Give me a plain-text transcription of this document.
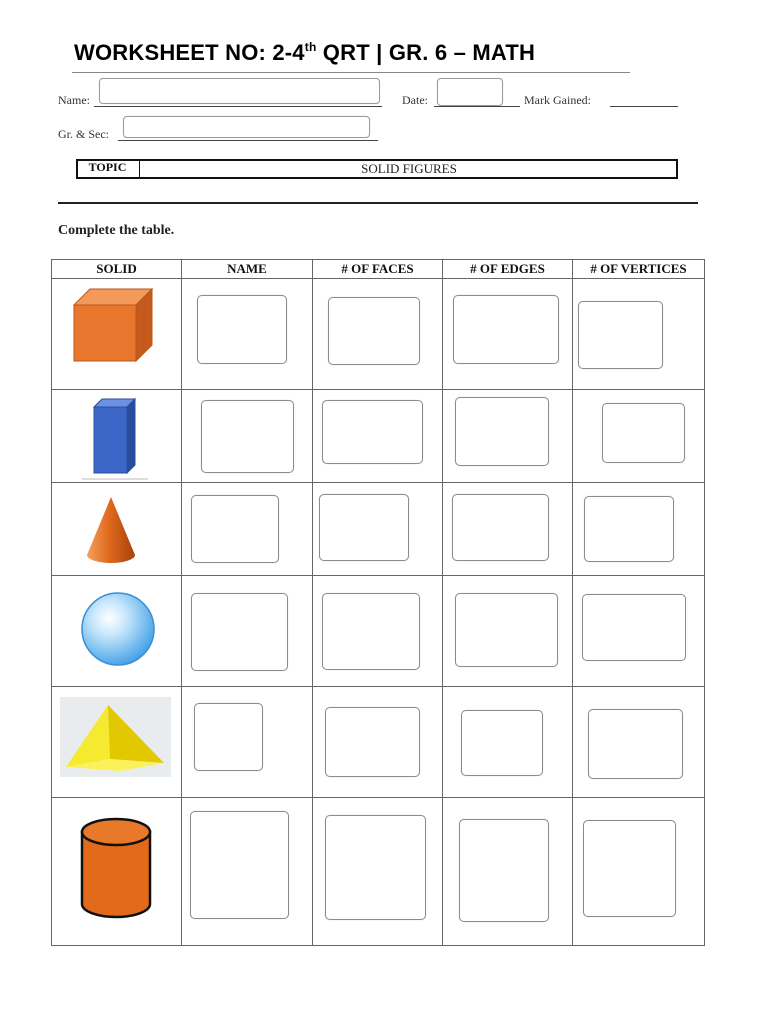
WORKSHEET NO: 2-4th QRT | GR. 6 – MATH
Name:	Date:	Mark Gained:
Gr. & Sec:
TOPIC	SOLID FIGURES
Complete the table.
SOLID	NAME	# OF FACES	# OF EDGES	# OF VERTICES
